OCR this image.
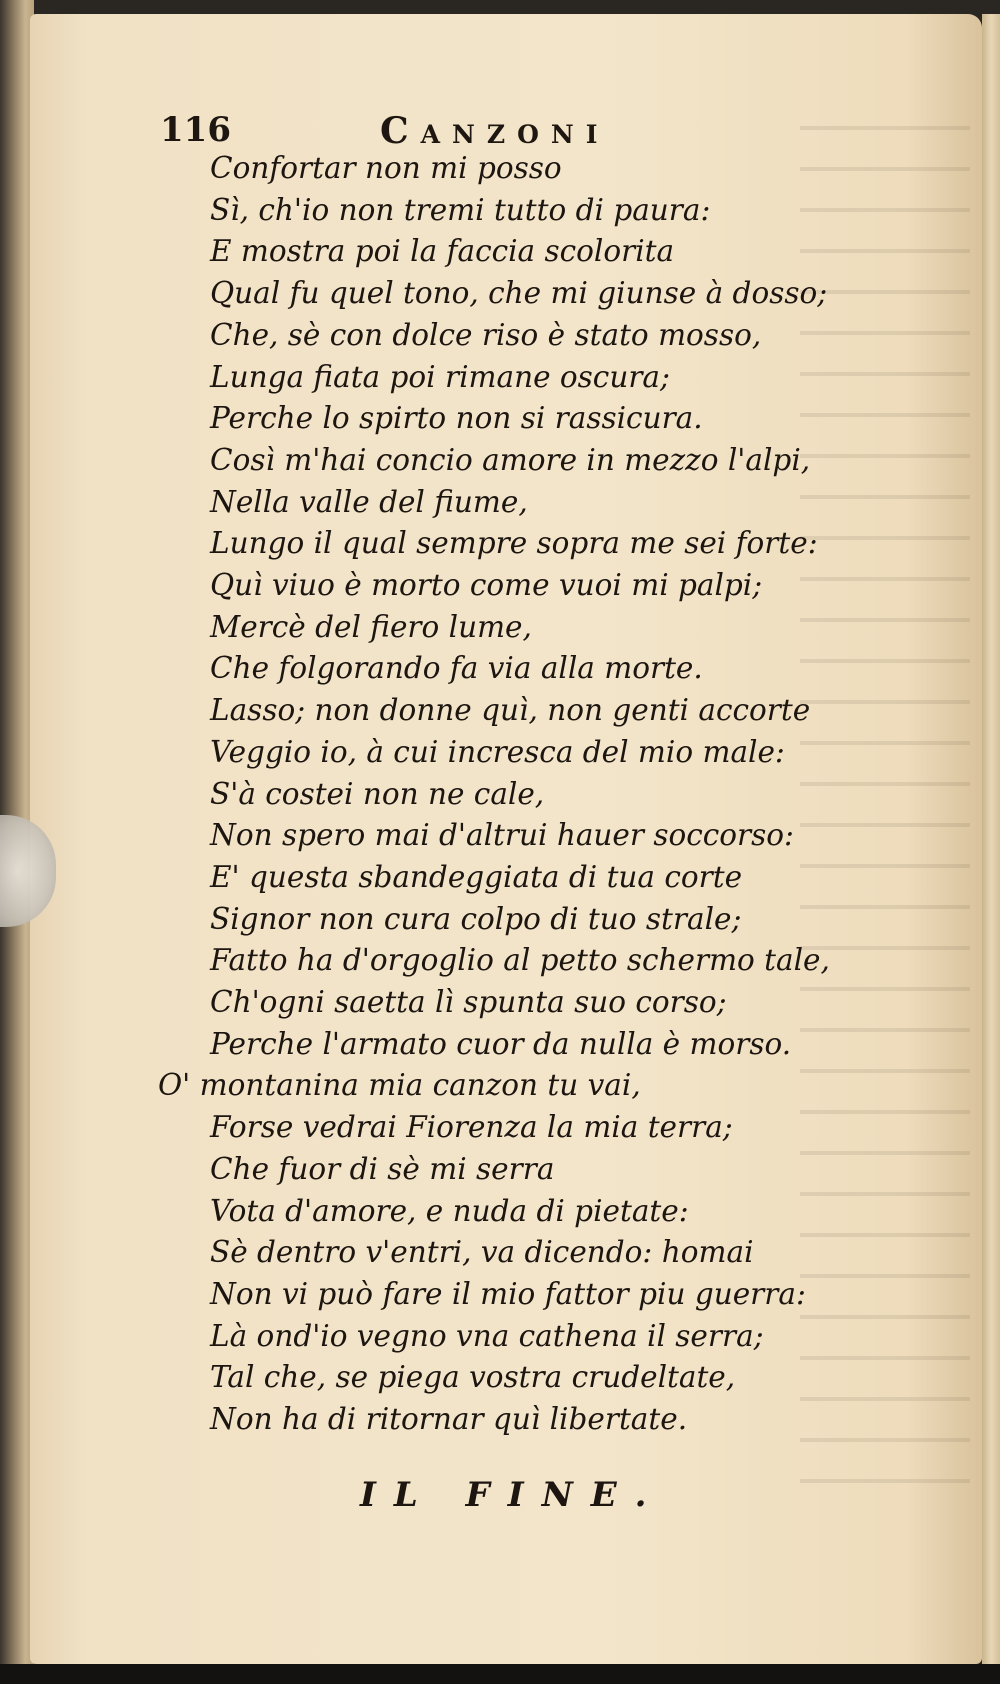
116	Canzoni
Confortar non mi posso
Sì, ch'io non tremi tutto di paura:
E mostra poi la faccia scolorita
Qual fu quel tono, che mi giunse à dosso;
Che, sè con dolce riso è stato mosso,
Lunga fiata poi rimane oscura;
Perche lo spirto non si rassicura.
Così m'hai concio amore in mezzo l'alpi,
Nella valle del fiume,
Lungo il qual sempre sopra me sei forte:
Quì viuo è morto come vuoi mi palpi;
Mercè del fiero lume,
Che folgorando fa via alla morte.
Lasso; non donne quì, non genti accorte
Veggio io, à cui incresca del mio male:
S'à costei non ne cale,
Non spero mai d'altrui hauer soccorso:
E' questa sbandeggiata di tua corte
Signor non cura colpo di tuo strale;
Fatto ha d'orgoglio al petto schermo tale,
Ch'ogni saetta lì spunta suo corso;
Perche l'armato cuor da nulla è morso.
O' montanina mia canzon tu vai,
Forse vedrai Fiorenza la mia terra;
Che fuor di sè mi serra
Vota d'amore, e nuda di pietate:
Sè dentro v'entri, va dicendo: homai
Non vi può fare il mio fattor piu guerra:
Là ond'io vegno vna cathena il serra;
Tal che, se piega vostra crudeltate,
Non ha di ritornar quì libertate.
IL FINE.
